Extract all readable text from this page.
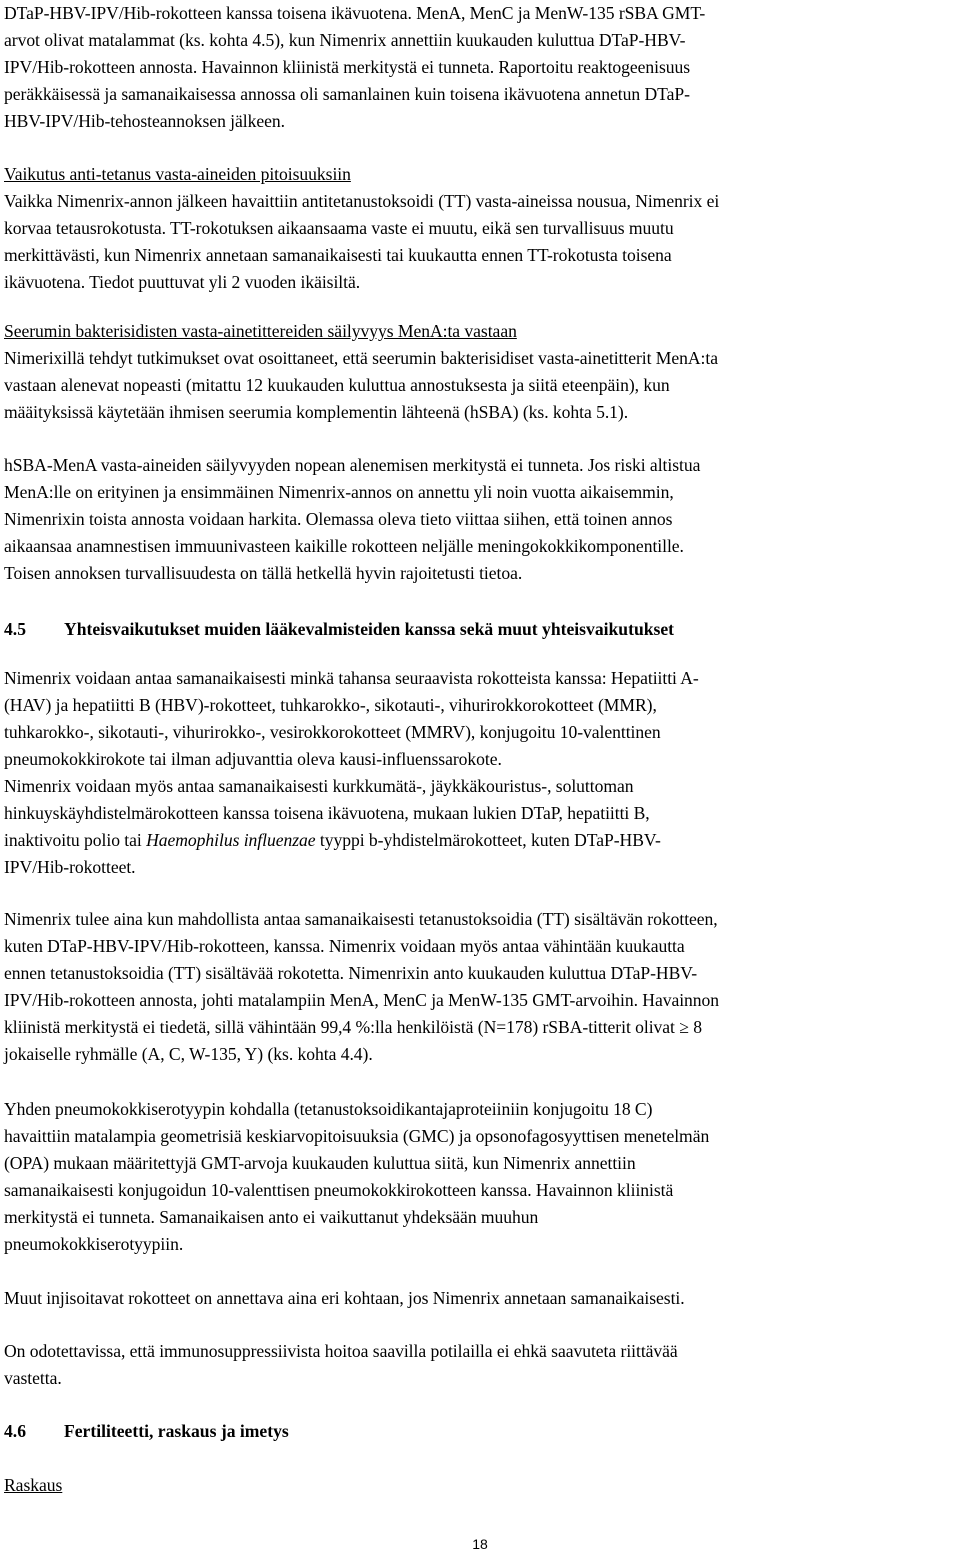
DTaP-HBV-IPV/Hib-rokotteen kanssa toisena ikävuotena. MenA, MenC ja MenW-135 rSBA GMT-

arvot olivat matalammat (ks. kohta 4.5), kun Nimenrix annettiin kuukauden kuluttua DTaP-HBV-

IPV/Hib-rokotteen annosta. Havainnon kliinistä merkitystä ei tunneta. Raportoitu reaktogeenisuus

peräkkäisessä ja samanaikaisessa annossa oli samanlainen kuin toisena ikävuotena annetun DTaP-

HBV-IPV/Hib-tehosteannoksen jälkeen.

Vaikutus anti-tetanus vasta-aineiden pitoisuuksiin

Vaikka Nimenrix-annon jälkeen havaittiin antitetanustoksoidi (TT) vasta-aineissa nousua, Nimenrix ei

korvaa tetausrokotusta. TT-rokotuksen aikaansaama vaste ei muutu, eikä sen turvallisuus muutu

merkittävästi, kun Nimenrix annetaan samanaikaisesti tai kuukautta ennen TT-rokotusta toisena

ikävuotena. Tiedot puuttuvat yli 2 vuoden ikäisiltä.

Seerumin bakterisidisten vasta-ainetittereiden säilyvyys MenA:ta vastaan

Nimerixillä tehdyt tutkimukset ovat osoittaneet, että seerumin bakterisidiset vasta-ainetitterit MenA:ta

vastaan alenevat nopeasti (mitattu 12 kuukauden kuluttua annostuksesta ja siitä eteenpäin), kun

määityksissä käytetään ihmisen seerumia komplementin lähteenä (hSBA) (ks. kohta 5.1).

hSBA-MenA vasta-aineiden säilyvyyden nopean alenemisen merkitystä ei tunneta. Jos riski altistua

MenA:lle on erityinen ja ensimmäinen Nimenrix-annos on annettu yli noin vuotta aikaisemmin,

Nimenrixin toista annosta voidaan harkita. Olemassa oleva tieto viittaa siihen, että toinen annos

aikaansaa anamnestisen immuunivasteen kaikille rokotteen neljälle meningokokkikomponentille.

Toisen annoksen turvallisuudesta on tällä hetkellä hyvin rajoitetusti tietoa.

4.5	Yhteisvaikutukset muiden lääkevalmisteiden kanssa sekä muut yhteisvaikutukset

Nimenrix voidaan antaa samanaikaisesti minkä tahansa seuraavista rokotteista kanssa: Hepatiitti A-

(HAV) ja hepatiitti B (HBV)-rokotteet, tuhkarokko-, sikotauti-, vihurirokkorokotteet (MMR),

tuhkarokko-, sikotauti-, vihurirokko-, vesirokkorokotteet (MMRV), konjugoitu 10-valenttinen

pneumokokkirokote tai ilman adjuvanttia oleva kausi-influenssarokote.

Nimenrix voidaan myös antaa samanaikaisesti kurkkumätä-, jäykkäkouristus-, soluttoman

hinkuyskäyhdistelmärokotteen kanssa toisena ikävuotena, mukaan lukien DTaP, hepatiitti B,

inaktivoitu polio tai Haemophilus influenzae tyyppi b-yhdistelmärokotteet, kuten DTaP-HBV-

IPV/Hib-rokotteet.

Nimenrix tulee aina kun mahdollista antaa samanaikaisesti tetanustoksoidia (TT) sisältävän rokotteen,

kuten DTaP-HBV-IPV/Hib-rokotteen, kanssa. Nimenrix voidaan myös antaa vähintään kuukautta

ennen tetanustoksoidia (TT) sisältävää rokotetta. Nimenrixin anto kuukauden kuluttua DTaP-HBV-

IPV/Hib-rokotteen annosta, johti matalampiin MenA, MenC ja MenW-135 GMT-arvoihin. Havainnon

kliinistä merkitystä ei tiedetä, sillä vähintään 99,4 %:lla henkilöistä (N=178) rSBA-titterit olivat ≥ 8

jokaiselle ryhmälle (A, C, W-135, Y) (ks. kohta 4.4).

Yhden pneumokokkiserotyypin kohdalla (tetanustoksoidikantajaproteiiniin konjugoitu 18 C)

havaittiin matalampia geometrisiä keskiarvopitoisuuksia (GMC) ja opsonofagosyyttisen menetelmän

(OPA) mukaan määritettyjä GMT-arvoja kuukauden kuluttua siitä, kun Nimenrix annettiin

samanaikaisesti konjugoidun 10-valenttisen pneumokokkirokotteen kanssa. Havainnon kliinistä

merkitystä ei tunneta. Samanaikaisen anto ei vaikuttanut yhdeksään muuhun

pneumokokkiserotyypiin.

Muut injisoitavat rokotteet on annettava aina eri kohtaan, jos Nimenrix annetaan samanaikaisesti.

On odotettavissa, että immunosuppressiivista hoitoa saavilla potilailla ei ehkä saavuteta riittävää

vastetta.

4.6	Fertiliteetti, raskaus ja imetys

Raskaus

18
